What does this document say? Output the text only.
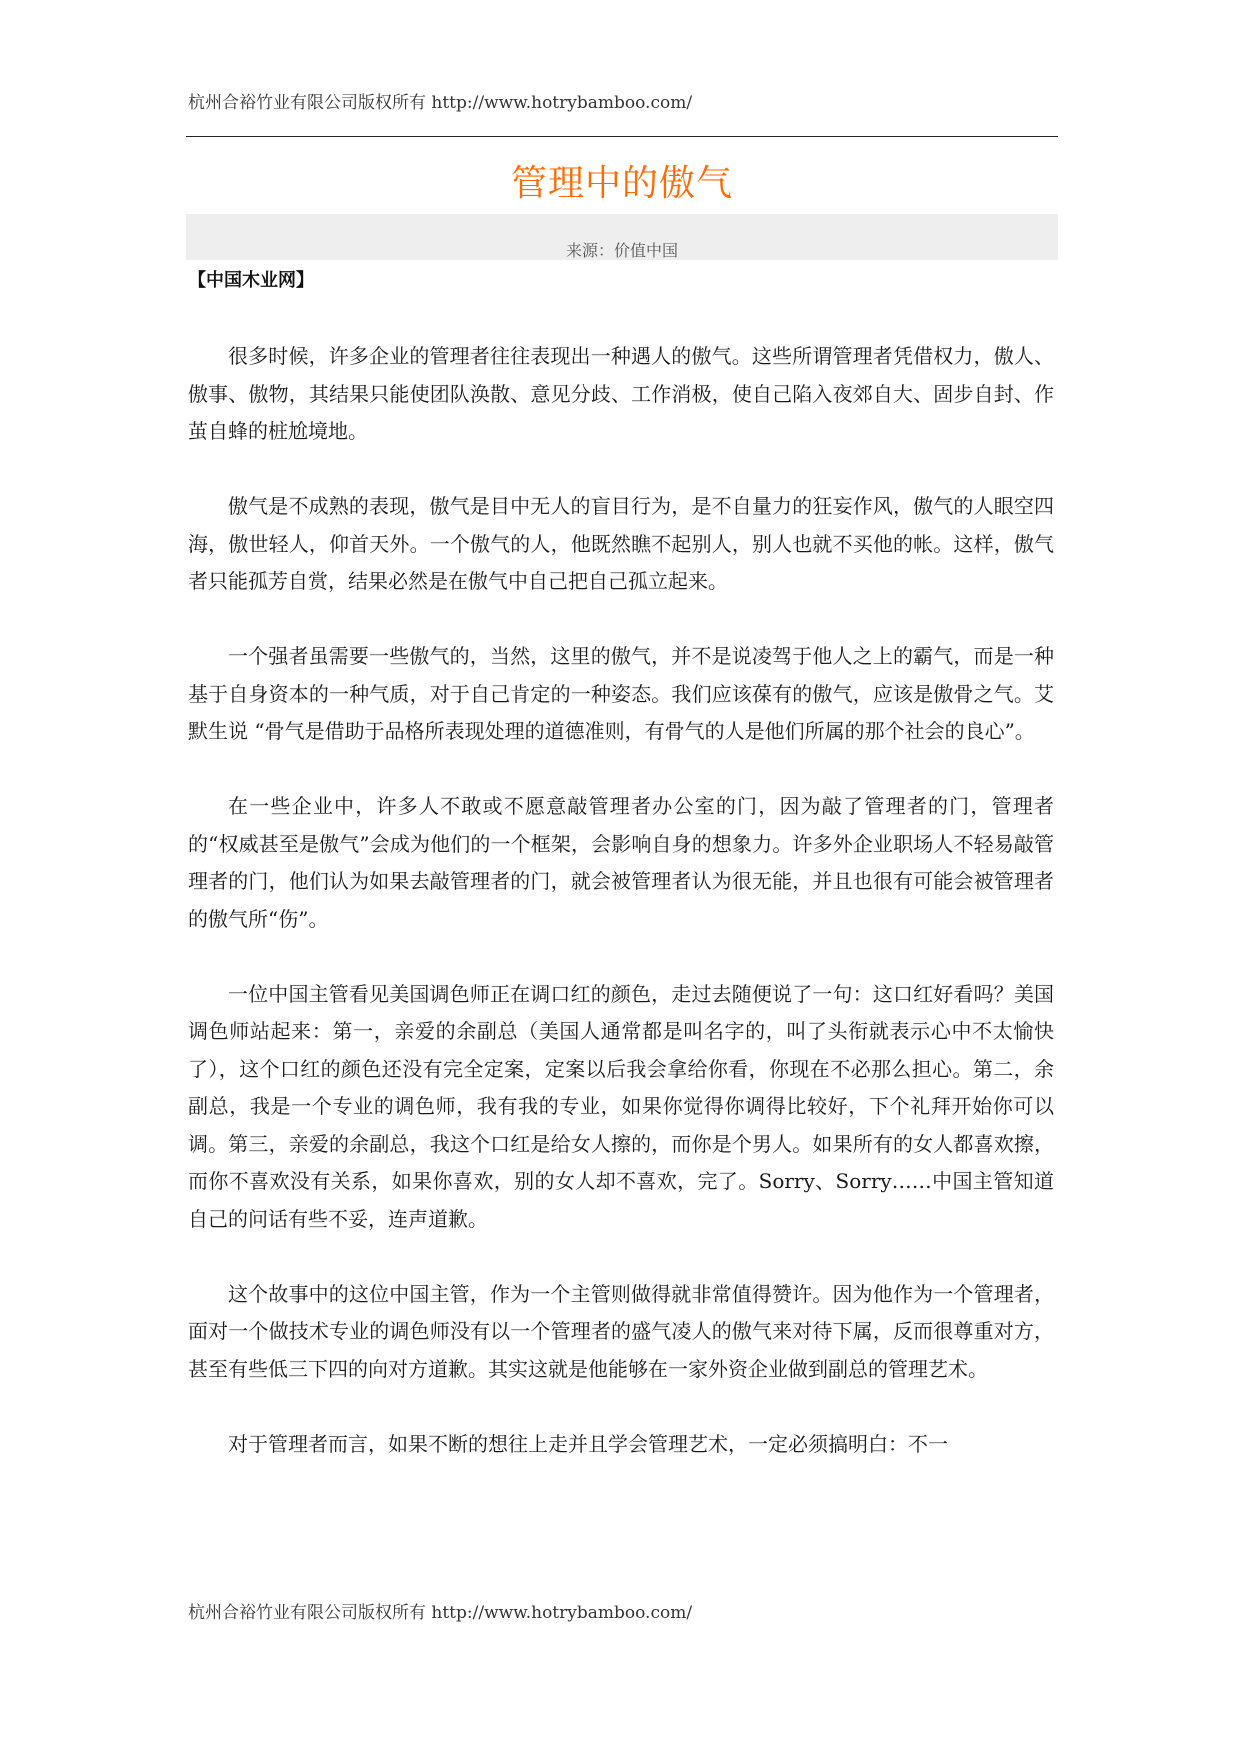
杭州合裕竹业有限公司版权所有 http://www.hotrybamboo.com/
管理中的傲气
来源：价值中国
【中国木业网】

很多时候，许多企业的管理者往往表现出一种遇人的傲气。这些所谓管理者凭借权力，傲人、傲事、傲物，其结果只能使团队涣散、意见分歧、工作消极，使自己陷入夜郊自大、固步自封、作茧自蜂的桩尬境地。

傲气是不成熟的表现，傲气是目中无人的盲目行为，是不自量力的狂妄作风，傲气的人眼空四海，傲世轻人，仰首天外。一个傲气的人，他既然瞧不起别人，别人也就不买他的帐。这样，傲气者只能孤芳自赏，结果必然是在傲气中自己把自己孤立起来。

一个强者虽需要一些傲气的，当然，这里的傲气，并不是说凌驾于他人之上的霸气，而是一种基于自身资本的一种气质，对于自己肯定的一种姿态。我们应该葆有的傲气，应该是傲骨之气。艾默生说 “骨气是借助于品格所表现处理的道德准则，有骨气的人是他们所属的那个社会的良心”。

在一些企业中，许多人不敢或不愿意敲管理者办公室的门，因为敲了管理者的门，管理者的“权威甚至是傲气”会成为他们的一个框架，会影响自身的想象力。许多外企业职场人不轻易敲管理者的门，他们认为如果去敲管理者的门，就会被管理者认为很无能，并且也很有可能会被管理者的傲气所“伤”。

一位中国主管看见美国调色师正在调口红的颜色，走过去随便说了一句：这口红好看吗？美国调色师站起来：第一，亲爱的余副总（美国人通常都是叫名字的，叫了头衔就表示心中不太愉快了），这个口红的颜色还没有完全定案，定案以后我会拿给你看，你现在不必那么担心。第二，余副总，我是一个专业的调色师，我有我的专业，如果你觉得你调得比较好，下个礼拜开始你可以调。第三，亲爱的余副总，我这个口红是给女人擦的，而你是个男人。如果所有的女人都喜欢擦，而你不喜欢没有关系，如果你喜欢，别的女人却不喜欢，完了。Sorry、Sorry……中国主管知道自己的问话有些不妥，连声道歉。

这个故事中的这位中国主管，作为一个主管则做得就非常值得赞许。因为他作为一个管理者，面对一个做技术专业的调色师没有以一个管理者的盛气凌人的傲气来对待下属，反而很尊重对方，甚至有些低三下四的向对方道歉。其实这就是他能够在一家外资企业做到副总的管理艺术。

对于管理者而言，如果不断的想往上走并且学会管理艺术，一定必须搞明白：不一

杭州合裕竹业有限公司版权所有 http://www.hotrybamboo.com/
